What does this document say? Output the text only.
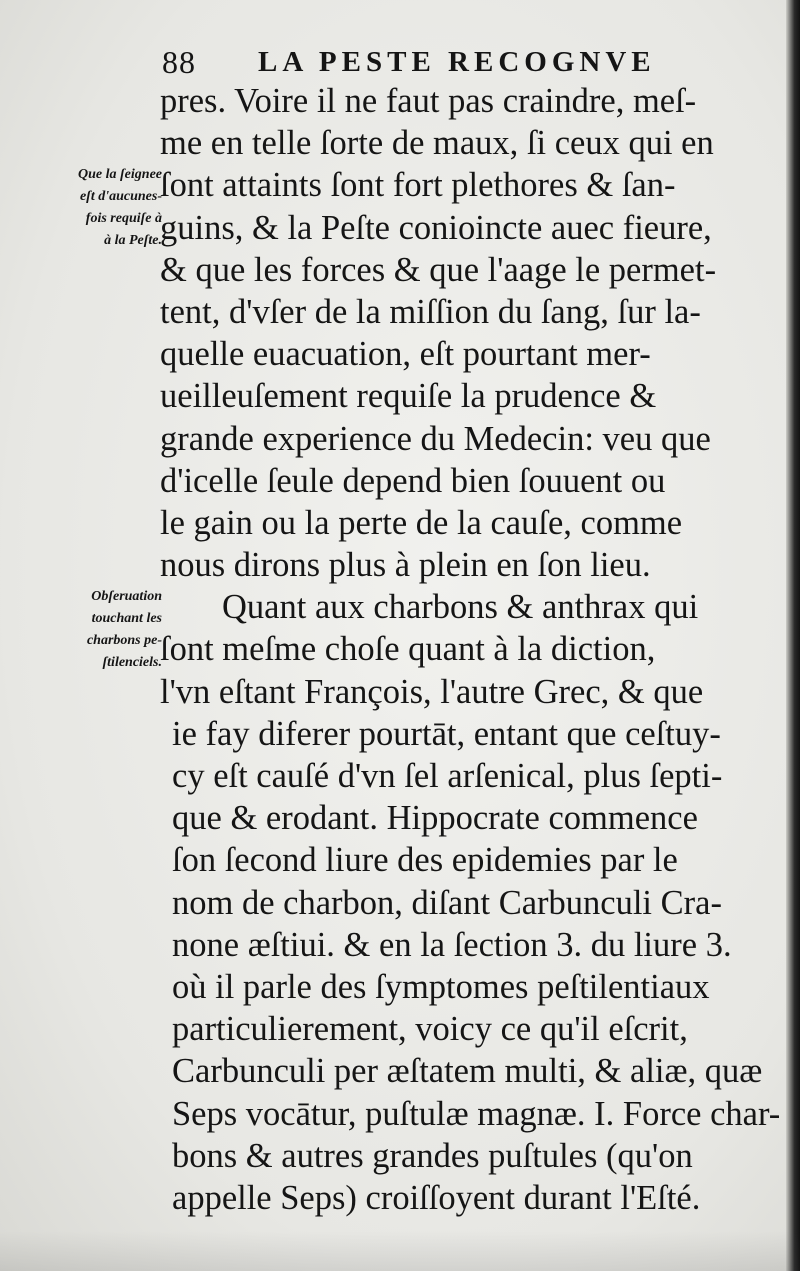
88 LA PESTE RECOGNVE
Que la ſeignee
eſt d'aucunes-
fois requiſe à
à la Peſte.
Obſeruation
touchant les
charbons pe-
ſtilenciels.
pres. Voire il ne faut pas craindre, meſ-
me en telle ſorte de maux, ſi ceux qui en
ſont attaints ſont fort plethores & ſan-
guins, & la Peſte conioincte auec fieure,
& que les forces & que l'aage le permet-
tent, d'vſer de la miſſion du ſang, ſur la-
quelle euacuation, eſt pourtant mer-
ueilleuſement requiſe la prudence &
grande experience du Medecin: veu que
d'icelle ſeule depend bien ſouuent ou
le gain ou la perte de la cauſe, comme
nous dirons plus à plein en ſon lieu.
Quant aux charbons & anthrax qui
ſont meſme choſe quant à la diction,
l'vn eſtant François, l'autre Grec, & que
ie fay diferer pourtāt, entant que ceſtuy-
cy eſt cauſé d'vn ſel arſenical, plus ſepti-
que & erodant. Hippocrate commence
ſon ſecond liure des epidemies par le
nom de charbon, diſant Carbunculi Cra-
none æſtiui. & en la ſection 3. du liure 3.
où il parle des ſymptomes peſtilentiaux
particulierement, voicy ce qu'il eſcrit,
Carbunculi per æſtatem multi, & aliæ, quæ
Seps vocātur, puſtulæ magnæ. I. Force char-
bons & autres grandes puſtules (qu'on
appelle Seps) croiſſoyent durant l'Eſté.
